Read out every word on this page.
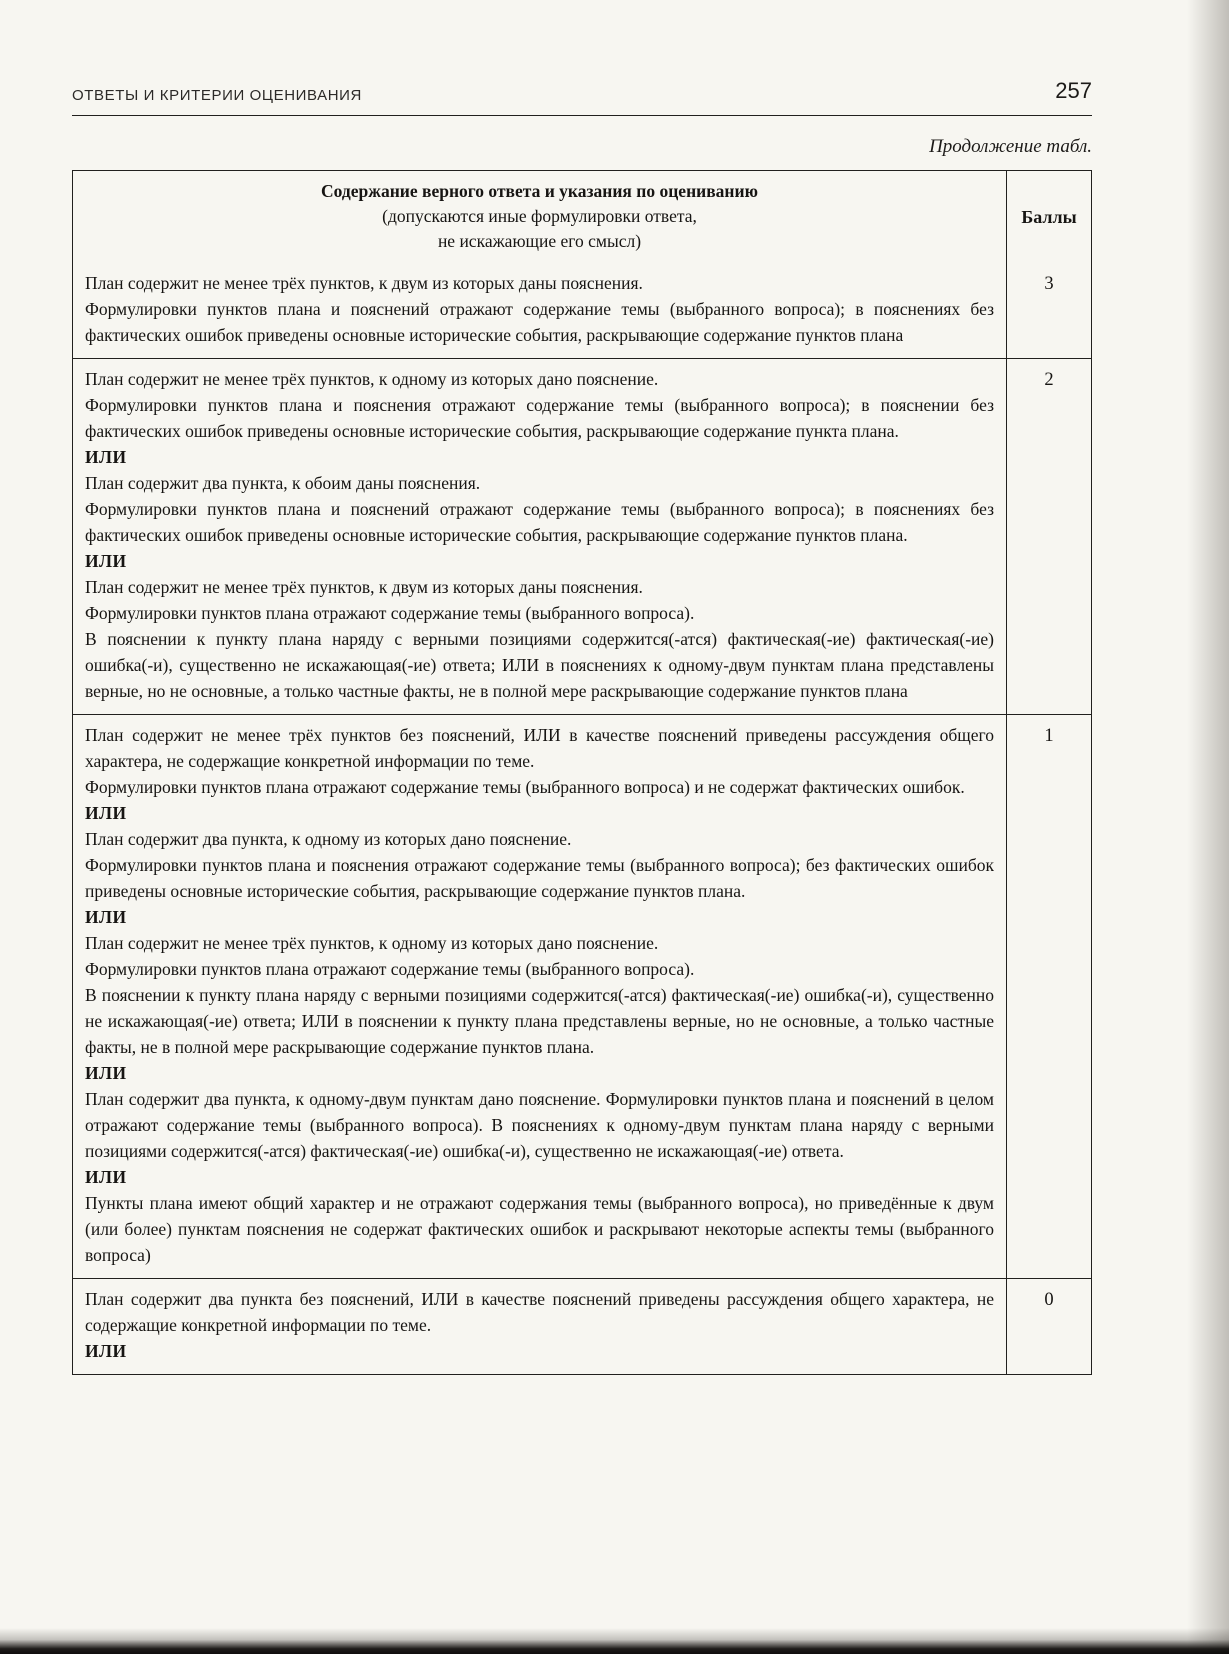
ОТВЕТЫ И КРИТЕРИИ ОЦЕНИВАНИЯ	257
Продолжение табл.
Содержание верного ответа и указания по оцениванию
(допускаются иные формулировки ответа,
не искажающие его смысл)
Баллы

План содержит не менее трёх пунктов, к двум из которых даны пояснения.

Формулировки пунктов плана и пояснений отражают содержание темы (выбранного вопроса); в пояснениях без фактических ошибок приведены основные исторические события, раскрывающие содержание пунктов плана

3

План содержит не менее трёх пунктов, к одному из которых дано пояснение.

Формулировки пунктов плана и пояснения отражают содержание темы (выбранного вопроса); в пояснении без фактических ошибок приведены основные исторические события, раскрывающие содержание пункта плана.

ИЛИ

План содержит два пункта, к обоим даны пояснения.

Формулировки пунктов плана и пояснений отражают содержание темы (выбранного вопроса); в пояснениях без фактических ошибок приведены основные исторические события, раскрывающие содержание пунктов плана.

ИЛИ

План содержит не менее трёх пунктов, к двум из которых даны пояснения.

Формулировки пунктов плана отражают содержание темы (выбранного вопроса).

В пояснении к пункту плана наряду с верными позициями содержится(-атся) фактическая(-ие) фактическая(-ие) ошибка(-и), существенно не искажающая(-ие) ответа; ИЛИ в пояснениях к одному-двум пунктам плана представлены верные, но не основные, а только частные факты, не в полной мере раскрывающие содержание пунктов плана

2

План содержит не менее трёх пунктов без пояснений, ИЛИ в качестве пояснений приведены рассуждения общего характера, не содержащие конкретной информации по теме.

Формулировки пунктов плана отражают содержание темы (выбранного вопроса) и не содержат фактических ошибок.

ИЛИ

План содержит два пункта, к одному из которых дано пояснение.

Формулировки пунктов плана и пояснения отражают содержание темы (выбранного вопроса); без фактических ошибок приведены основные исторические события, раскрывающие содержание пунктов плана.

ИЛИ

План содержит не менее трёх пунктов, к одному из которых дано пояснение.

Формулировки пунктов плана отражают содержание темы (выбранного вопроса).

В пояснении к пункту плана наряду с верными позициями содержится(-атся) фактическая(-ие) ошибка(-и), существенно не искажающая(-ие) ответа; ИЛИ в пояснении к пункту плана представлены верные, но не основные, а только частные факты, не в полной мере раскрывающие содержание пунктов плана.

ИЛИ

План содержит два пункта, к одному-двум пунктам дано пояснение. Формулировки пунктов плана и пояснений в целом отражают содержание темы (выбранного вопроса). В пояснениях к одному-двум пунктам плана наряду с верными позициями содержится(-атся) фактическая(-ие) ошибка(-и), существенно не искажающая(-ие) ответа.

ИЛИ

Пункты плана имеют общий характер и не отражают содержания темы (выбранного вопроса), но приведённые к двум (или более) пунктам пояснения не содержат фактических ошибок и раскрывают некоторые аспекты темы (выбранного вопроса)

1

План содержит два пункта без пояснений, ИЛИ в качестве пояснений приведены рассуждения общего характера, не содержащие конкретной информации по теме.

ИЛИ

0
